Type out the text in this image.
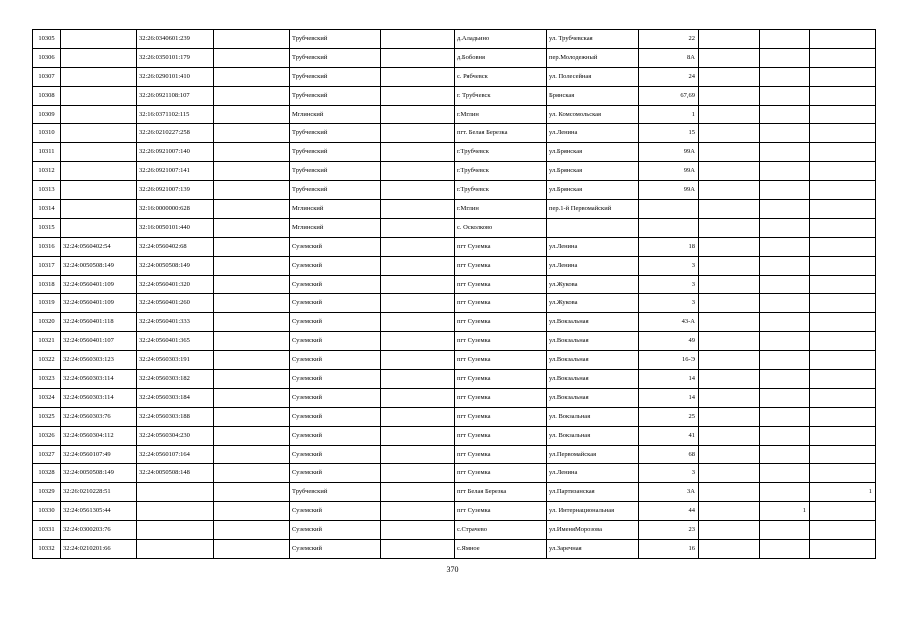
10305		32:26:0340601:239		Трубчевский		д.Аладьино	ул. Трубчевская	22			
10306		32:26:0350101:179		Трубчевский		д.Бобовня	пер.Молодежный	8А			
10307		32:26:0290101:410		Трубчевский		с. Рябчевск	ул. Полесейная	24			
10308		32:26:0921108:107		Трубчевский		г. Трубчевск	Брянская	67,69			
10309		32:16:0371102:115		Мглинский		г.Мглин	ул. Комсомольская	1			
10310		32:26:0210227:258		Трубчевский		пгт. Белая Березка	ул.Ленина	15			
10311		32:26:0921007:140		Трубчевский		г.Трубчевск	ул.Брянская	99А			
10312		32:26:0921007:141		Трубчевский		г.Трубчевск	ул.Брянская	99А			
10313		32:26:0921007:139		Трубчевский		г.Трубчевск	ул.Брянская	99А			
10314		32:16:0000000:628		Мглинский		г.Мглин	пер.1-й Первомайский				
10315		32:16:0050101:440		Мглинский		с. Осколково					
10316	32:24:0560402:54	32:24:0560402:68		Суземский		пгт Суземка	ул.Ленина	18			
10317	32:24:0050508:149	32:24:0050508:149		Суземский		пгт Суземка	ул.Ленина	3			
10318	32:24:0560401:109	32:24:0560401:320		Суземский		пгт Суземка	ул.Жукова	3			
10319	32:24:0560401:109	32:24:0560401:260		Суземский		пгт Суземка	ул.Жукова	3			
10320	32:24:0560401:118	32:24:0560401:333		Суземский		пгт Суземка	ул.Вокзальная	43-А			
10321	32:24:0560401:107	32:24:0560401:365		Суземский		пгт Суземка	ул.Вокзальная	49			
10322	32:24:0560303:123	32:24:0560303:191		Суземский		пгт Суземка	ул.Вокзальная	16-Э			
10323	32:24:0560303:114	32:24:0560303:182		Суземский		пгт Суземка	ул.Вокзальная	14			
10324	32:24:0560303:114	32:24:0560303:184		Суземский		пгт Суземка	ул.Вокзальная	14			
10325	32:24:0560303:76	32:24:0560303:188		Суземский		пгт Суземка	ул. Вокзальная	25			
10326	32:24:0560304:112	32:24:0560304:230		Суземский		пгт Суземка	ул. Вокзальная	41			
10327	32:24:0560107:49	32:24:0560107:164		Суземский		пгт Суземка	ул.Первомайская	68			
10328	32:24:0050508:149	32:24:0050508:148		Суземский		пгт Суземка	ул.Ленина	3			
10329	32:26:0210228:51			Трубчевский		пгт Белая Березка	ул.Партизанская	3А			1
10330	32:24:0561305:44			Суземский		пгт Суземка	ул. Интернациональная	44		1	
10331	32:24:0300203:76			Суземский		с.Страчево	ул.ИменяМорозова	23			
10332	32:24:0210201:66			Суземский		с.Ямное	ул.Заречная	16			
370
